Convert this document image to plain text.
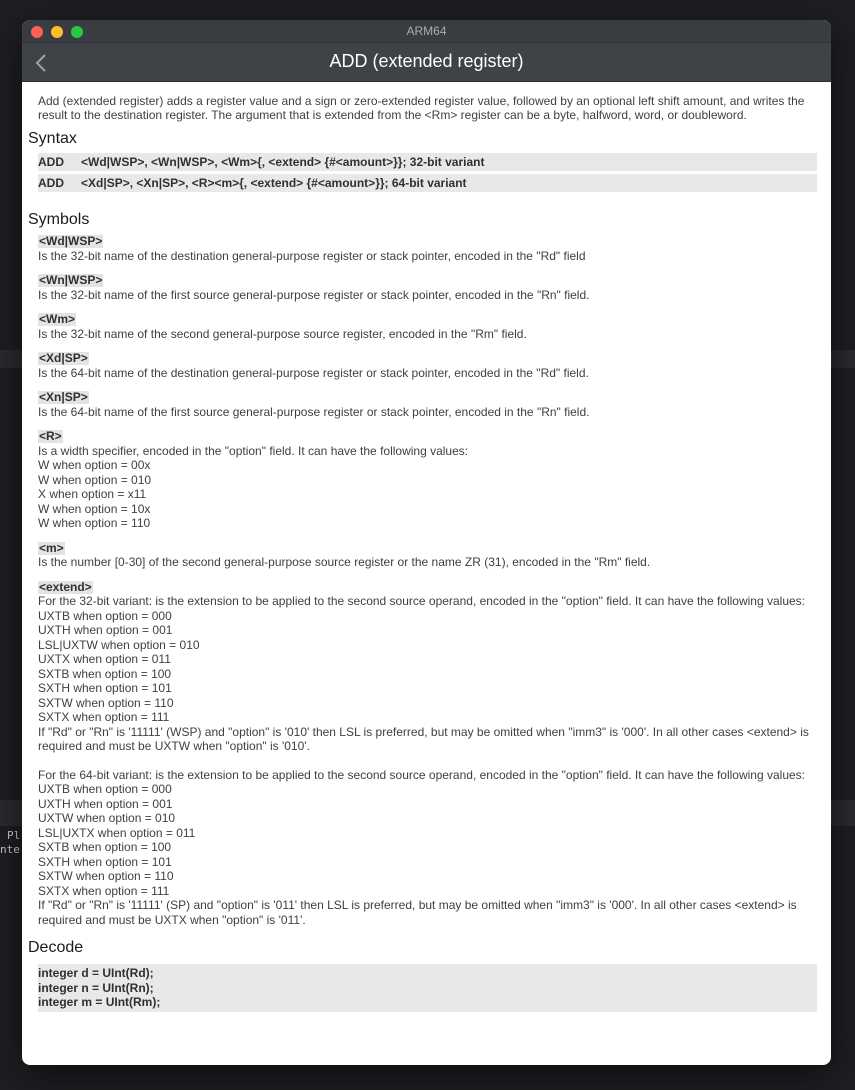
Pl
nte
ARM64
ADD (extended register)

Add (extended register) adds a register value and a sign or zero-extended register value, followed by an optional left shift amount, and writes the result to the destination register. The argument that is extended from the <Rm> register can be a byte, halfword, word, or doubleword.

Syntax
ADD	<Wd|WSP>, <Wn|WSP>, <Wm>{, <extend> {#<amount>}}; 32-bit variant
ADD	<Xd|SP>, <Xn|SP>, <R><m>{, <extend> {#<amount>}}; 64-bit variant
Symbols
<Wd|WSP>
Is the 32-bit name of the destination general-purpose register or stack pointer, encoded in the "Rd" field
<Wn|WSP>
Is the 32-bit name of the first source general-purpose register or stack pointer, encoded in the "Rn" field.
<Wm>
Is the 32-bit name of the second general-purpose source register, encoded in the "Rm" field.
<Xd|SP>
Is the 64-bit name of the destination general-purpose register or stack pointer, encoded in the "Rd" field.
<Xn|SP>
Is the 64-bit name of the first source general-purpose register or stack pointer, encoded in the "Rn" field.
<R>
Is a width specifier, encoded in the "option" field. It can have the following values:
W when option = 00x
W when option = 010
X when option = x11
W when option = 10x
W when option = 110
<m>
Is the number [0-30] of the second general-purpose source register or the name ZR (31), encoded in the "Rm" field.
<extend>
For the 32-bit variant: is the extension to be applied to the second source operand, encoded in the "option" field. It can have the following values:
UXTB when option = 000
UXTH when option = 001
LSL|UXTW when option = 010
UXTX when option = 011
SXTB when option = 100
SXTH when option = 101
SXTW when option = 110
SXTX when option = 111
If "Rd" or "Rn" is '11111' (WSP) and "option" is '010' then LSL is preferred, but may be omitted when "imm3" is '000'. In all other cases <extend> is required and must be UXTW when "option" is '010'.
For the 64-bit variant: is the extension to be applied to the second source operand, encoded in the "option" field. It can have the following values:
UXTB when option = 000
UXTH when option = 001
UXTW when option = 010
LSL|UXTX when option = 011
SXTB when option = 100
SXTH when option = 101
SXTW when option = 110
SXTX when option = 111
If "Rd" or "Rn" is '11111' (SP) and "option" is '011' then LSL is preferred, but may be omitted when "imm3" is '000'. In all other cases <extend> is required and must be UXTX when "option" is '011'.
Decode
integer d = UInt(Rd);
integer n = UInt(Rn);
integer m = UInt(Rm);
